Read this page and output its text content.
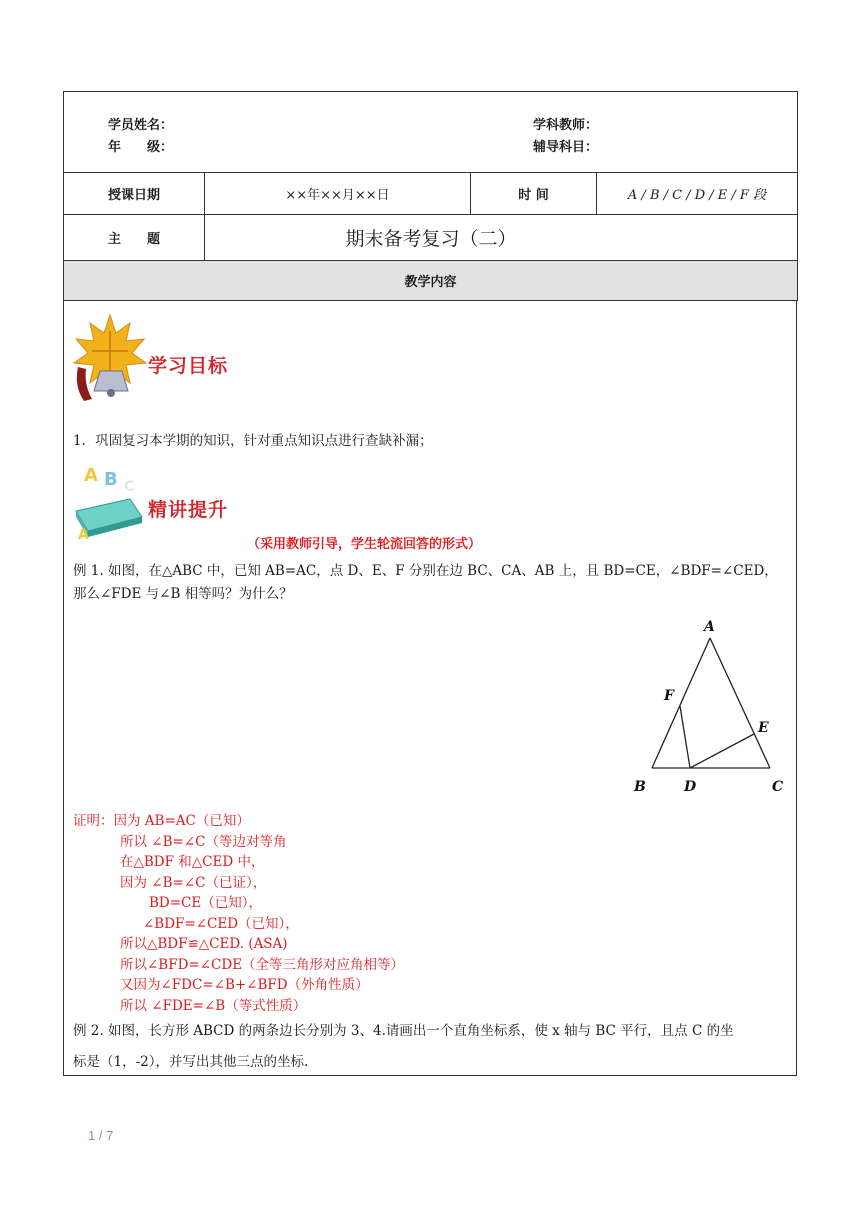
学员姓名：
年　　级：
学科教师：
辅导科目：			

授课日期	××年××月××日	时 间	A / B / C / D / E / F 段
主　　题	期末备考复习（二）		
教学内容			
学习目标
1．巩固复习本学期的知识，针对重点知识点进行查缺补漏；
A B C
A
精讲提升
（采用教师引导，学生轮流回答的形式）
例 1. 如图，在△ABC 中，已知 AB=AC，点 D、E、F 分别在边 BC、CA、AB 上，且 BD=CE，∠BDF=∠CED，
那么∠FDE 与∠B 相等吗？为什么？
A
B	C
D
E
F
证明：因为 AB=AC（已知）
所以 ∠B=∠C（等边对等角
在△BDF 和△CED 中，
因为 ∠B=∠C（已证），
BD=CE（已知），
∠BDF=∠CED（已知），
所以△BDF≌△CED. (ASA)
所以∠BFD=∠CDE（全等三角形对应角相等）
又因为∠FDC=∠B+∠BFD（外角性质）
所以 ∠FDE=∠B（等式性质）
例 2. 如图，长方形 ABCD 的两条边长分别为 3、4.请画出一个直角坐标系，使 x 轴与 BC 平行，且点 C 的坐
标是（1，-2），并写出其他三点的坐标.
1 / 7
